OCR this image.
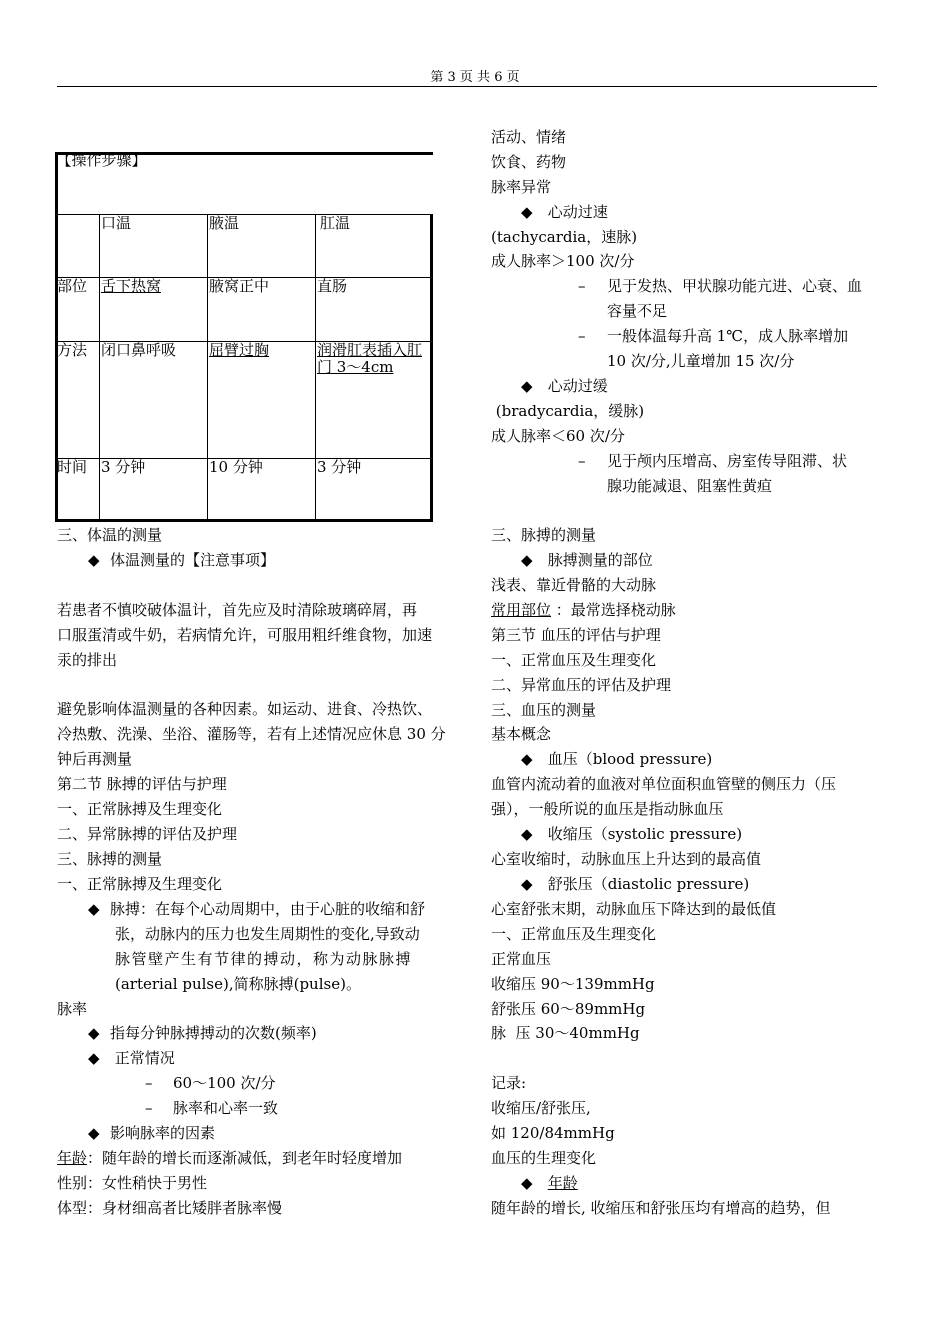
第 3 页 共 6 页
【操作步骤】			
	口温	腋温	肛温
部位	舌下热窝	腋窝正中	直肠
方法	闭口鼻呼吸	屈臂过胸	润滑肛表插入肛门 3～4cm
时间	3 分钟	10 分钟	3 分钟
三、体温的测量
◆ 体温测量的【注意事项】
若患者不慎咬破体温计，首先应及时清除玻璃碎屑，再
口服蛋清或牛奶，若病情允许，可服用粗纤维食物，加速
汞的排出
避免影响体温测量的各种因素。如运动、进食、冷热饮、
冷热敷、洗澡、坐浴、灌肠等，若有上述情况应休息 30 分
钟后再测量
第二节 脉搏的评估与护理
一、正常脉搏及生理变化
二、异常脉搏的评估及护理
三、脉搏的测量
一、正常脉搏及生理变化
◆ 脉搏：在每个心动周期中，由于心脏的收缩和舒
张，动脉内的压力也发生周期性的变化,导致动
脉管壁产生有节律的搏动，称为动脉脉搏
(arterial pulse),简称脉搏(pulse)。
脉率
◆ 指每分钟脉搏搏动的次数(频率)
◆ 正常情况
– 60～100 次/分
– 脉率和心率一致
◆ 影响脉率的因素
年龄：随年龄的增长而逐渐减低，到老年时轻度增加
性别：女性稍快于男性
体型：身材细高者比矮胖者脉率慢
活动、情绪
饮食、药物
脉率异常
◆ 心动过速
(tachycardia，速脉)
成人脉率＞100 次/分
– 见于发热、甲状腺功能亢进、心衰、血
容量不足
– 一般体温每升高 1℃，成人脉率增加
10 次/分,儿童增加 15 次/分
◆ 心动过缓
(bradycardia，缓脉)
成人脉率＜60 次/分
– 见于颅内压增高、房室传导阻滞、状
腺功能减退、阻塞性黄疸
三、脉搏的测量
◆ 脉搏测量的部位
浅表、靠近骨骼的大动脉
常用部位 ：最常选择桡动脉
第三节 血压的评估与护理
一、正常血压及生理变化
二、异常血压的评估及护理
三、血压的测量
基本概念
◆ 血压（blood pressure)
血管内流动着的血液对单位面积血管壁的侧压力（压
强），一般所说的血压是指动脉血压
◆ 收缩压（systolic pressure)
心室收缩时，动脉血压上升达到的最高值
◆ 舒张压（diastolic pressure)
心室舒张末期，动脉血压下降达到的最低值
一、正常血压及生理变化
正常血压
收缩压 90～139mmHg
舒张压 60～89mmHg
脉  压 30～40mmHg
记录:
收缩压/舒张压,
如 120/84mmHg
血压的生理变化
◆ 年龄
随年龄的增长, 收缩压和舒张压均有增高的趋势，但
